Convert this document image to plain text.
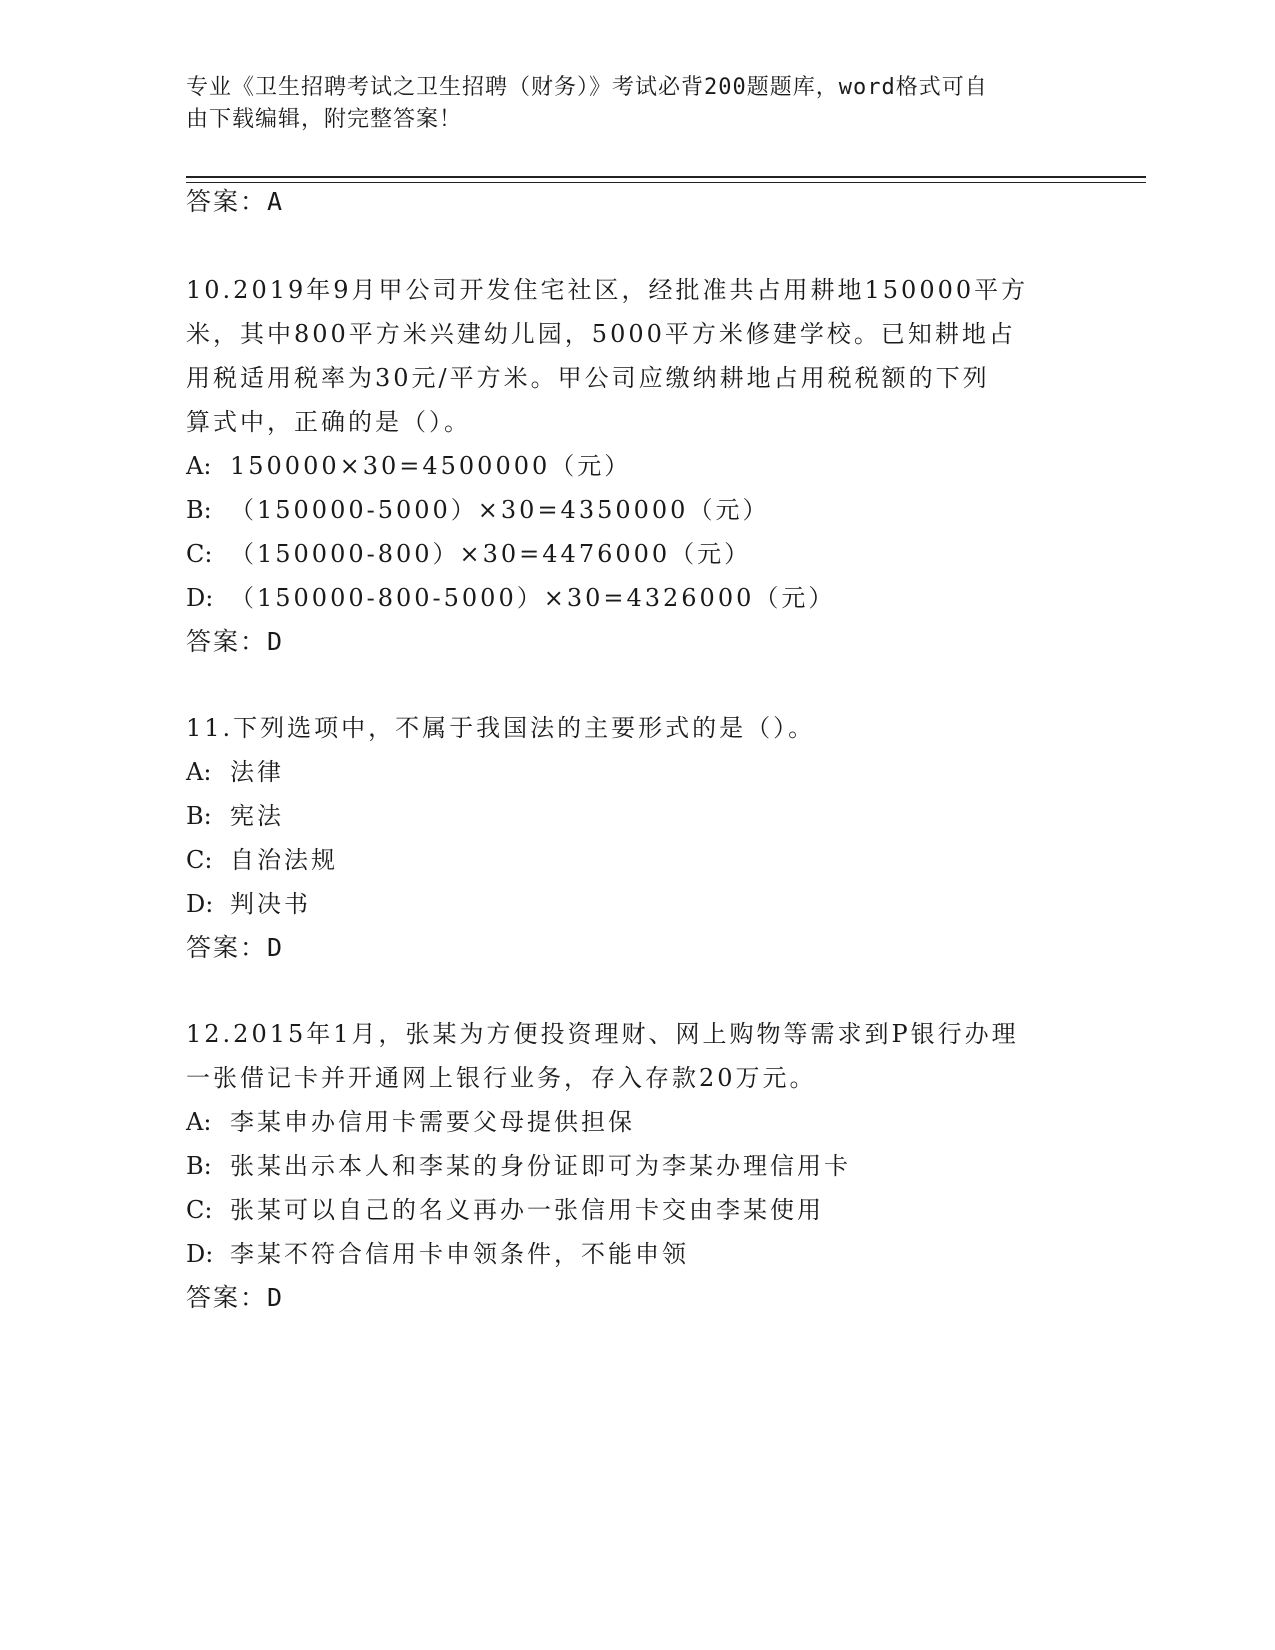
专业《卫生招聘考试之卫生招聘（财务）》考试必背200题题库，word格式可自
由下载编辑，附完整答案！
答案：A
10.2019年9月甲公司开发住宅社区，经批准共占用耕地150000平方
米，其中800平方米兴建幼儿园，5000平方米修建学校。已知耕地占
用税适用税率为30元/平方米。甲公司应缴纳耕地占用税税额的下列
算式中，正确的是（）。
A: 150000×30=4500000（元）
B: （150000-5000）×30=4350000（元）
C: （150000-800）×30=4476000（元）
D: （150000-800-5000）×30=4326000（元）
答案：D
11.下列选项中，不属于我国法的主要形式的是（）。
A: 法律
B: 宪法
C: 自治法规
D: 判决书
答案：D
12.2015年1月，张某为方便投资理财、网上购物等需求到P银行办理
一张借记卡并开通网上银行业务，存入存款20万元。
A: 李某申办信用卡需要父母提供担保
B: 张某出示本人和李某的身份证即可为李某办理信用卡
C: 张某可以自己的名义再办一张信用卡交由李某使用
D: 李某不符合信用卡申领条件，不能申领
答案：D
